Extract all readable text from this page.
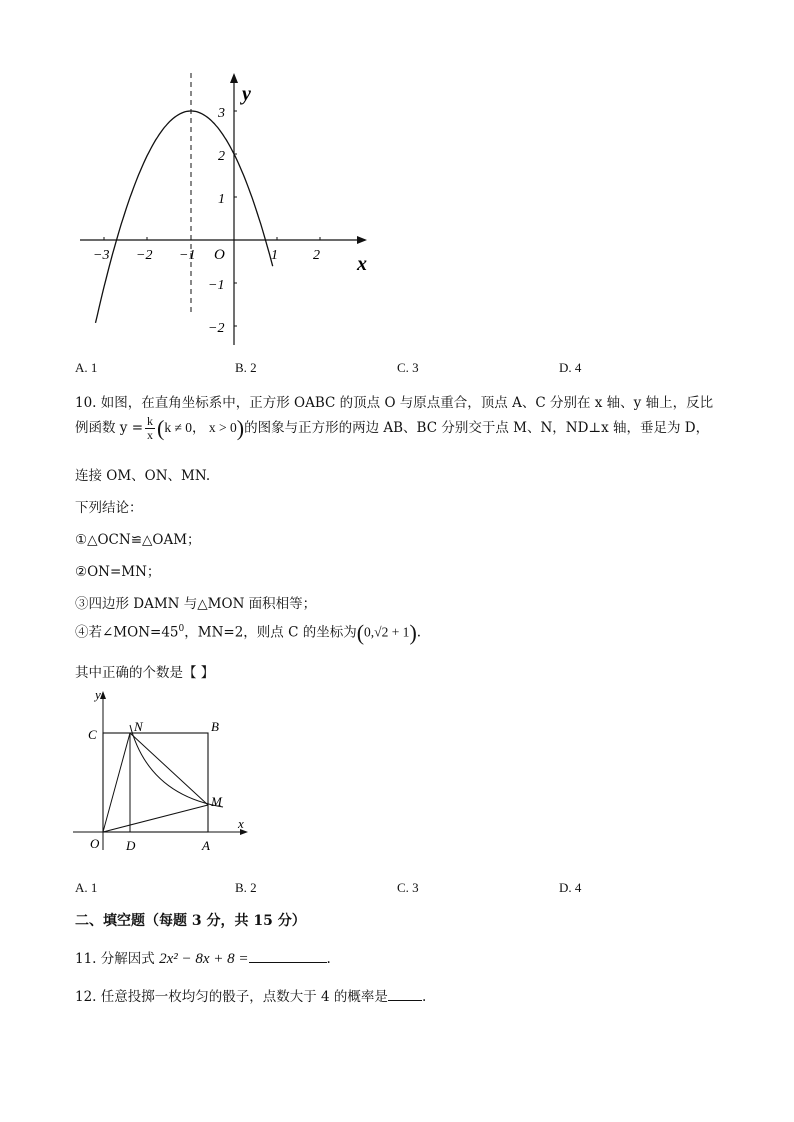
y
x
O
−3 −2 −1	1	2
3
2
1
−1
−2
A. 1	B. 2	C. 3	D. 4
10. 如图，在直角坐标系中，正方形 OABC 的顶点 O 与原点重合，顶点 A、C 分别在 x 轴、y 轴上，反比
例函数 $y = \frac{k}{x} (k \ne 0$， x > 0)的图象与正方形的两边 AB、BC 分别交于点 M、N，ND⊥x 轴，垂足为 D，
连接 OM、ON、MN.
下列结论：
①△OCN≌△OAM；
②ON=MN；
③四边形 DAMN 与△MON 面积相等；
④若$\angle MON=45^0$，MN=2，则点 C 的坐标为(0,√2 + 1).
其中正确的个数是【 】
y
x
C
N	B
M
O D	A
A. 1	B. 2	C. 3	D. 4
二、填空题（每题 3 分，共 15 分）
11. 分解因式 2x² − 8x + 8 =	.
12. 任意投掷一枚均匀的骰子，点数大于 4 的概率是	.
